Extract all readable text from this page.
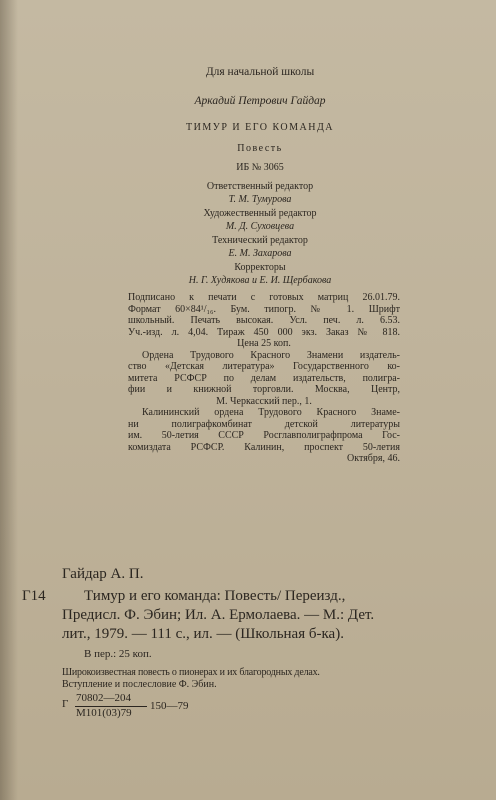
Для начальной школы
Аркадий Петрович Гайдар
ТИМУР И ЕГО КОМАНДА
Повесть
ИБ № 3065
Ответственный редактор
Т. М. Тумурова
Художественный редактор
М. Д. Суховцева
Технический редактор
Е. М. Захарова
Корректоры
Н. Г. Худякова и Е. И. Щербакова
Подписано к печати с готовых матриц 26.01.79.
Формат 60×84¹/₁₆. Бум. типогр. № 1. Шрифт
школьный. Печать высокая. Усл. печ. л. 6.53.
Уч.-изд. л. 4,04. Тираж 450 000 экз. Заказ № 818.
Цена 25 коп.
Ордена Трудового Красного Знамени издатель-
ство «Детская литература» Государственного ко-
митета РСФСР по делам издательств, полигра-
фии и книжной торговли. Москва, Центр,
М. Черкасский пер., 1.
Калининский ордена Трудового Красного Знаме-
ни полиграфкомбинат детской литературы
им. 50-летия СССР Росглавполиграфпрома Гос-
комиздата РСФСР. Калинин, проспект 50-летия
Октября, 46.
Гайдар А. П.
Г14	Тимур и его команда: Повесть/ Переизд.,
Предисл. Ф. Эбин; Ил. А. Ермолаева. — М.: Дет.
лит., 1979. — 111 с., ил. — (Школьная б-ка).
В пер.: 25 коп.
Широкоизвестная повесть о пионерах и их благородных делах.
Вступление и послесловие Ф. Эбин.
Г 70802—204
М101(03)79
150—79
